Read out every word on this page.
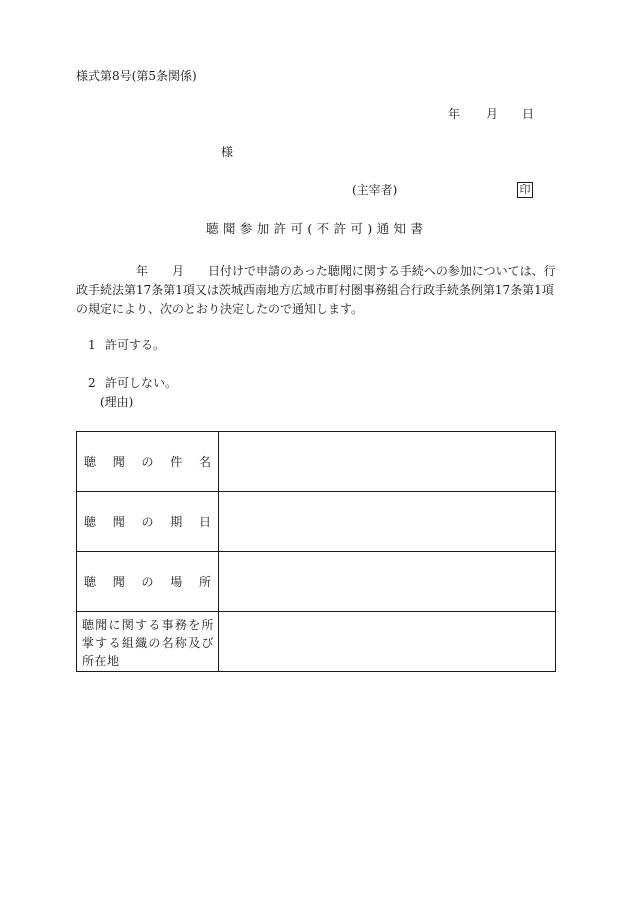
様式第8号(第5条関係)
年 月 日
様
(主宰者)	印
聴聞参加許可(不許可)通知書
年 月 日付けで申請のあった聴聞に関する手続への参加については、行
政手続法第17条第1項又は茨城西南地方広域市町村圏事務組合行政手続条例第17条第1項
の規定により、次のとおり決定したので通知します。
1 許可する。
2 許可しない。
(理由)
聴 聞 の 件 名	

聴 聞 の 期 日	

聴 聞 の 場 所	

聴聞に関する事務を所掌する組織の名称及び所在地	
